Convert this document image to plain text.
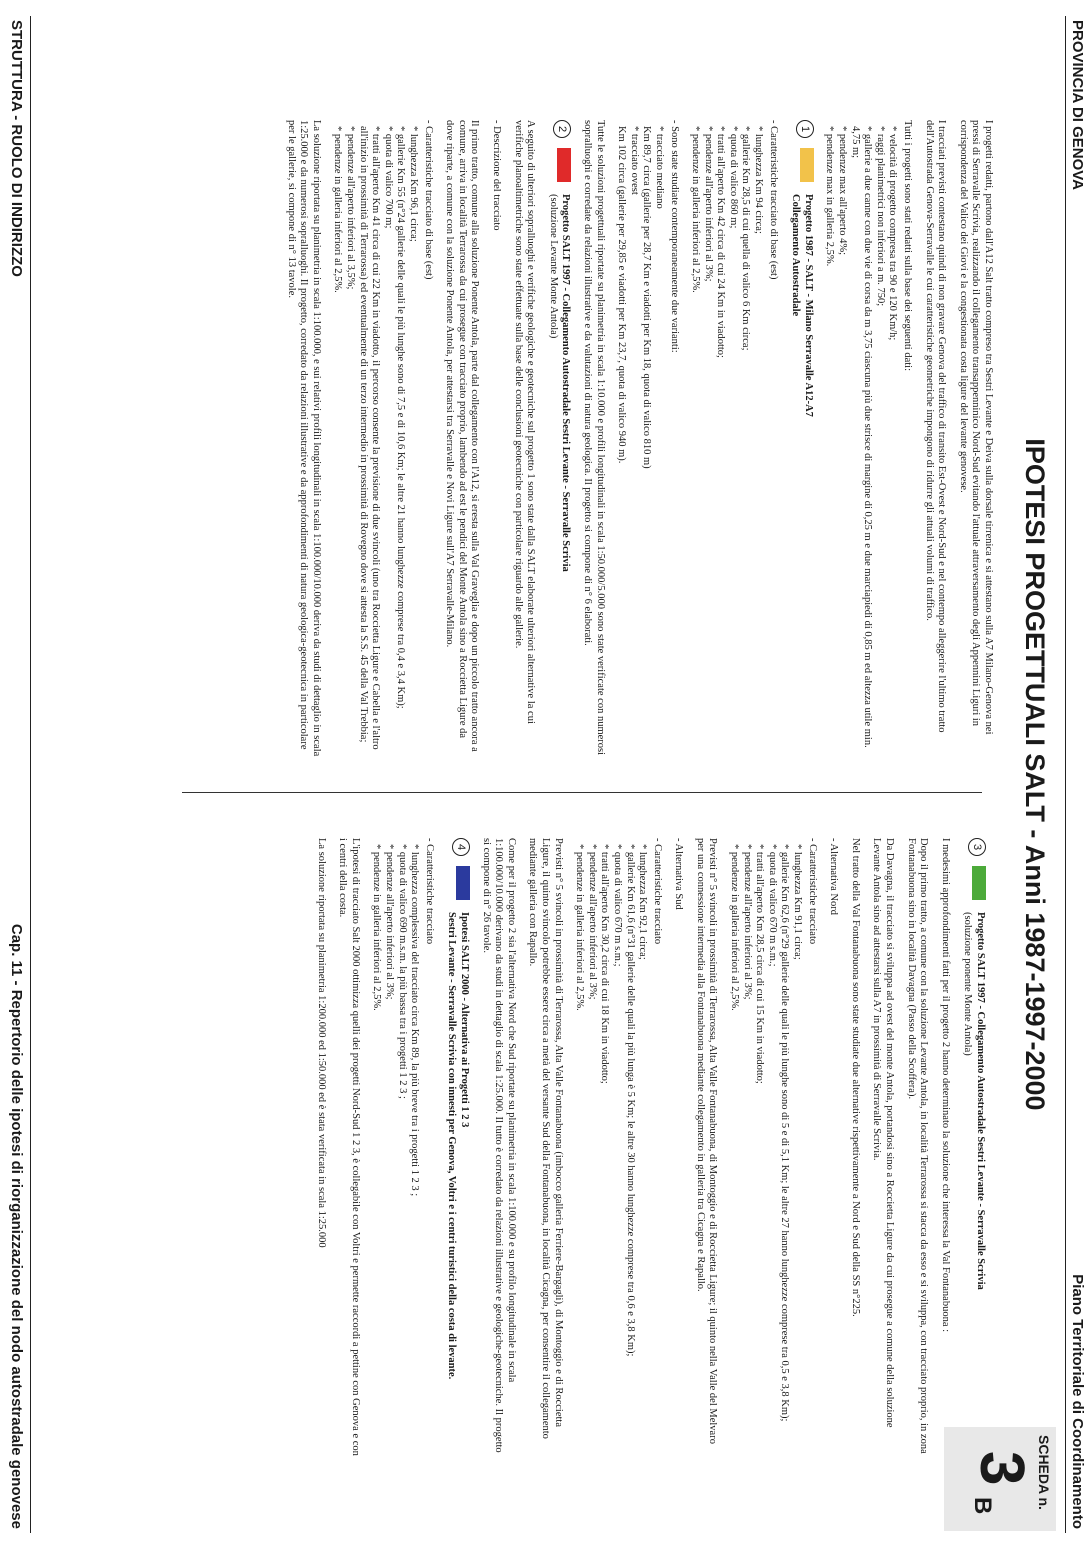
PROVINCIA DI GENOVA
Piano Territoriale di Coordinamento
SCHEDA n.
3
B
IPOTESI PROGETTUALI SALT - Anni 1987-1997-2000

I progetti redatti, partono dall'A12 Salt tratto compreso tra Sestri Levante e Deiva sulla dorsale tirrenica e si attestano sulla A7 Milano-Genova nei pressi di Serravalle Scrivia, realizzando il collegamento transappenninico Nord-Sud evitando l'attuale attraversamento degli Appennini Liguri in corrispondenza del Valico dei Giovi e la congestionata costa ligure del levante genovese.

I tracciati previsti contestano quindi di non gravare Genova del traffico di transito Est-Ovest e Nord-Sud e nel contempo alleggerire l'ultimo tratto dell'Autostrada Genova-Serravalle le cui caratteristiche geometriche impongono di ridurre gli attuali volumi di traffico.

Tutti i progetti sono stati redatti sulla base dei seguenti dati:

* velocità di progetto compresa tra 90 e 120 Km/h;
* raggi planimetrici non inferiori a m. 750;
* gallerie a due canne con due vie di corsa da m 3,75 ciascuna più due strisce di margine di 0,25 m e due marciapiedi di 0,85 m ed altezza utile min. 4,75 m;
* pendenze max all'aperto 4%;
* pendenze max in galleria 2,5%.
1
Progetto 1987 - SALT - Milano Serravalle A12-A7
Collegamento Autostradale

- Caratteristiche tracciato di base (est)

* lunghezza Km 94 circa;
* gallerie Km 28,5 di cui quella di valico 6 Km circa;
* quota di valico 860 m;
* tratti all'aperto Km 42 circa di cui 24 Km in viadotto;
* pendenze all'aperto inferiori al 3%;
* pendenze in galleria inferiori al 2,5%.

- Sono state studiate contemporaneamente due varianti:

* tracciato mediano
Km 89,7 circa (gallerie per 28,7 Km e viadotti per Km 18, quota di valico 810 m)
* tracciato ovest
Km 102 circa (gallerie per 29,85 e viadotti per Km 23,7, quota di valico 940 m).

Tutte le soluzioni progettuali riportate su planimetria in scala 1:10.000 e profili longitudinali in scala 1:50.000/5.000 sono state verificate con numerosi sopralluoghi e corredate da relazioni illustrative e da valutazioni di natura geologica. Il progetto si compone di n° 6 elaborati.

2
Progetto SALT 1997 - Collegamento Autostradale Sestri Levante - Serravalle Scrivia
(soluzione Levante Monte Antola)

A seguito di ulteriori sopralluoghi e verifiche geologiche e geotecniche sul progetto 1 sono state dalla SALT elaborate ulteriori alternative la cui verifiche planoaltimetriche sono state effettuate sulla base delle conclusioni geotecniche con particolare riguardo alle gallerie.

- Descrizione del tracciato

Il primo tratto, comune alla soluzione Ponente Antola, parte dal collegamento con l'A12, si eresta sulla Val Graveglia e dopo un piccolo tratto ancora a comune, arriva in località Terrarossa da cui prosegue con tracciato proprio, lambendo ad est le pendici del Monte Antola sino a Roccietta Ligure da dove riparte, a comune con la soluzione Ponente Antola, per attestarsi tra Serravalle e Novi Ligure sull'A7 Serravalle-Milano.

- Caratteristiche tracciato di base (est)

* lunghezza Km 96,1 circa;
* gallerie Km 55 (n°24 gallerie delle quali le più lunghe sono di 7,5 e di 10,6 Km; le altre 21 hanno lunghezze comprese tra 0,4 e 3,4 Km);
* quota di valico 700 m;
* tratti all'aperto Km 41 circa di cui 22 Km in viadotto, il percorso consente la previsione di due svincoli (uno tra Roccietta Ligure e Cabella e l'altro all'inizio in prossimità di Terrarossa) ed eventualmente di un terzo intermedio in prossimità di Rovegno dove si attesta la S.S. 45 della Val Trebbia;
* pendenze all'aperto inferiori al 3,5%;
* pendenze in galleria inferiori al 2,5%.

La soluzione riportata su planimetria in scala 1:100.000, e sui relativi profili longitudinali in scala 1:100.000/10.000 deriva da studi di dettaglio in scala 1:25.000 e da numerosi sopralluoghi. Il progetto, corredato da relazioni illustrative e da approfondimenti di natura geologica-geotecnica in particolare per le gallerie, si compone di n° 13 tavole.

3
Progetto SALT 1997 - Collegamento Autostradale Sestri Levante - Serravalle Scrivia
(soluzione ponente Monte Antola)

I medesimi approfondimenti fatti per il progetto 2 hanno determinato la soluzione che interessa la Val Fontanabuona :

Dopo il primo tratto, a comune con la soluzione Levante Antola, in località Terrarossa si stacca da esso e si sviluppa, con tracciato proprio, in zona Fontanabuona sino in località Davagna (Passo della Scoffera).

Da Davagna, il tracciato si sviluppa ad ovest del monte Antola, portandosi sino a Roccietta Ligure da cui prosegue a comune della soluzione Levante Antola sino ad attestarsi sulla A7 in prossimità di Serravalle Scrivia.

Nel tratto della Val Fontanabuona sono state studiate due alternative rispettivamente a Nord e Sud della SS n°225.

- Alternativa Nord

- Caratteristiche tracciato

* lunghezza Km 91,1 circa;
* gallerie Km 62,6 (n°29 gallerie delle quali le più lunghe sono di 5 e di 5,1 Km; le altre 27 hanno lunghezze comprese tra 0,5 e 3,8 Km);
* quota di valico 670 m s.m.;
* tratti all'aperto Km 28,5 circa di cui 15 Km in viadotto;
* pendenze all'aperto inferiori al 3%;
* pendenze in galleria inferiori al 2,5%.

Previsti n° 5 svincoli in prossimità di Terrarossa, Alta Valle Fontanabuona, di Montoggio e di Roccietta Ligure; il quinto nella Valle del Melvaro per una connessione intermedia alla Fontanabuona mediante collegamento in galleria tra Cicagna e Rapallo.

- Alternativa Sud

- Caratteristiche tracciato

* lunghezza Km 92,1 circa;
* gallerie Km 61,6 (n°31 gallerie delle quali la più lunga è 5 Km; le altre 30 hanno lunghezze comprese tra 0,6 e 3,8 Km);
* quota di valico 670 m s.m.;
* tratti all'aperto Km 30,2 circa di cui 18 Km in viadotto;
* pendenze all'aperto inferiori al 3%;
* pendenze in galleria inferiori al 2,5%.

Previsti n° 5 svincoli in prossimità di Terrarossa, Alta Valle Fontanabuona (imbocco galleria Ferriere-Bargagli), di Montoggio e di Roccietta Ligure, il quinto svincolo potrebbe essere circa a metà del versante Sud della Fontanabuona, in località Cicagna, per consentire il collegamento mediante galleria con Rapallo.

Come per il progetto 2 sia l'alternativa Nord che Sud riportate su planimetria in scala 1:100.000 e su profilo longitudinale in scala 1:100.000/10.000 derivano da studi in dettaglio di scala 1:25.000. Il tutto è corredato da relazioni illustrative e geologiche-geotecniche. Il progetto si compone di n° 26 tavole.

4
Ipotesi SALT 2000 - Alternativa ai Progetti 1 2 3
Sestri Levante - Serravalle Scrivia con innesti per Genova, Voltri e i centri turistici della costa di levante.

- Caratteristiche tracciato

* lunghezza complessiva del tracciato circa Km 89, la più breve tra i progetti 1 2 3 ;
* quota di valico 690 m.s.m. la più bassa tra i progetti 1 2 3 ;
* pendenze all'aperto inferiori al 3%;
* pendenze in galleria inferiori al 2,5%.

L'ipotesi di tracciato Salt 2000 ottimizza quelli dei progetti Nord-Sud 1 2 3, è collegabile con Voltri e permette raccordi a pettine con Genova e con i centri della costa.

La soluzione riportata su planimetria 1:200.000 ed 1:50.000 ed è stata verificata in scala 1:25.000

STRUTTURA - RUOLO DI INDIRIZZO
Cap. 11 - Repertorio delle ipotesi di riorganizzazione del nodo autostradale genovese
